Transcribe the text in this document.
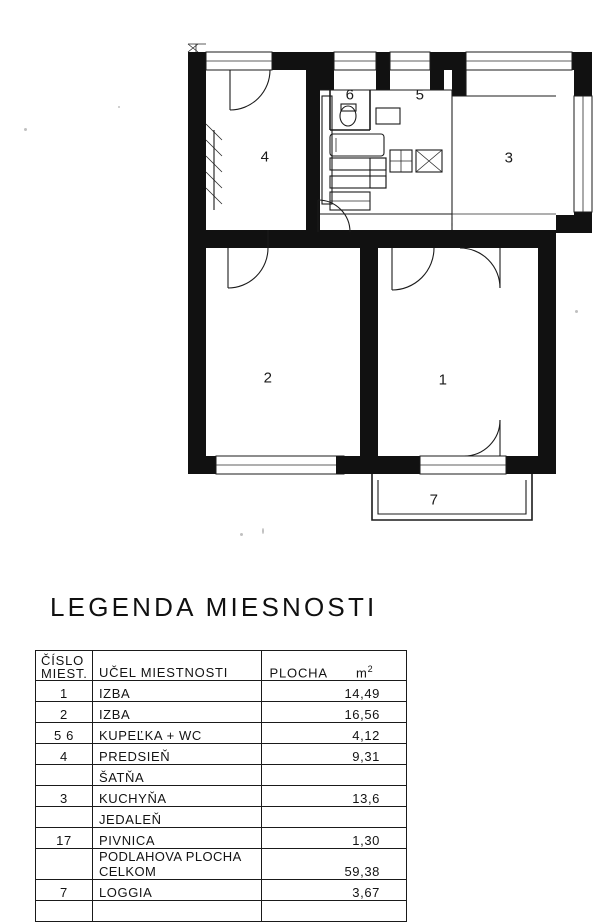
4
6	5
3
2	1
7
LEGENDA MIESNOSTI
ČÍSLO
MIEST.	UČEL MIESTNOSTI	PLOCHA $m^2$
1	IZBA	14,49
2	IZBA	16,56
5 6	KUPEĽKA + WC	4,12
4	PREDSIEŇ	9,31
	ŠATŇA	
3	KUCHYŇA	13,6
	JEDALEŇ	
17	PIVNICA	1,30
	PODLAHOVA PLOCHA CELKOM	59,38
7	LOGGIA	3,67
